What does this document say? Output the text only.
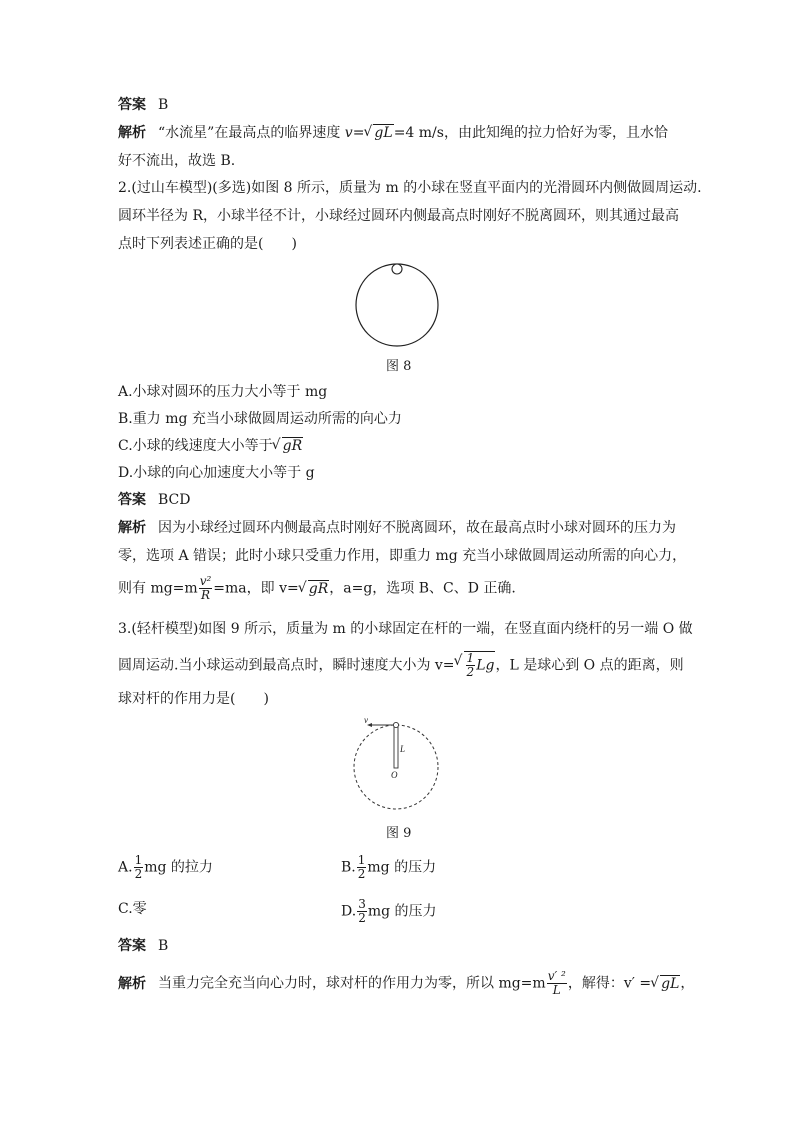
答案 B
解析 “水流星”在最高点的临界速度 v= √ gL=4 m/s，由此知绳的拉力恰好为零，且水恰
好不流出，故选 B.
2.(过山车模型)(多选)如图 8 所示，质量为 m 的小球在竖直平面内的光滑圆环内侧做圆周运动.
圆环半径为 R，小球半径不计，小球经过圆环内侧最高点时刚好不脱离圆环，则其通过最高
点时下列表述正确的是(　　)
图 8
A.小球对圆环的压力大小等于 mg
B.重力 mg 充当小球做圆周运动所需的向心力
C.小球的线速度大小等于 √ gR
D.小球的向心加速度大小等于 g
答案 BCD
解析 因为小球经过圆环内侧最高点时刚好不脱离圆环，故在最高点时小球对圆环的压力为
零，选项 A 错误；此时小球只受重力作用，即重力 mg 充当小球做圆周运动所需的向心力，
则有 $mg=m \frac{\text{v²}}{R} =ma$，即 v= √ gR，a=g，选项 B、C、D 正确.
3.(轻杆模型)如图 9 所示，质量为 m 的小球固定在杆的一端，在竖直面内绕杆的另一端 O 做
圆周运动.当小球运动到最高点时，瞬时速度大小为 v= √ $\frac{1}{2}$ Lg，L 是球心到 O 点的距离，则
球对杆的作用力是(　　)
v
L
O
图 9
A. $\frac{1}{2}$ mg 的拉力	B. $\frac{1}{2}$ mg 的压力
C.零	D. $\frac{3}{2}$ mg 的压力
答案 B
解析 当重力完全充当向心力时，球对杆的作用力为零，所以 $mg=m \frac{\text{v′ ²}}{L}$ ，解得：v′ = √ gL，
